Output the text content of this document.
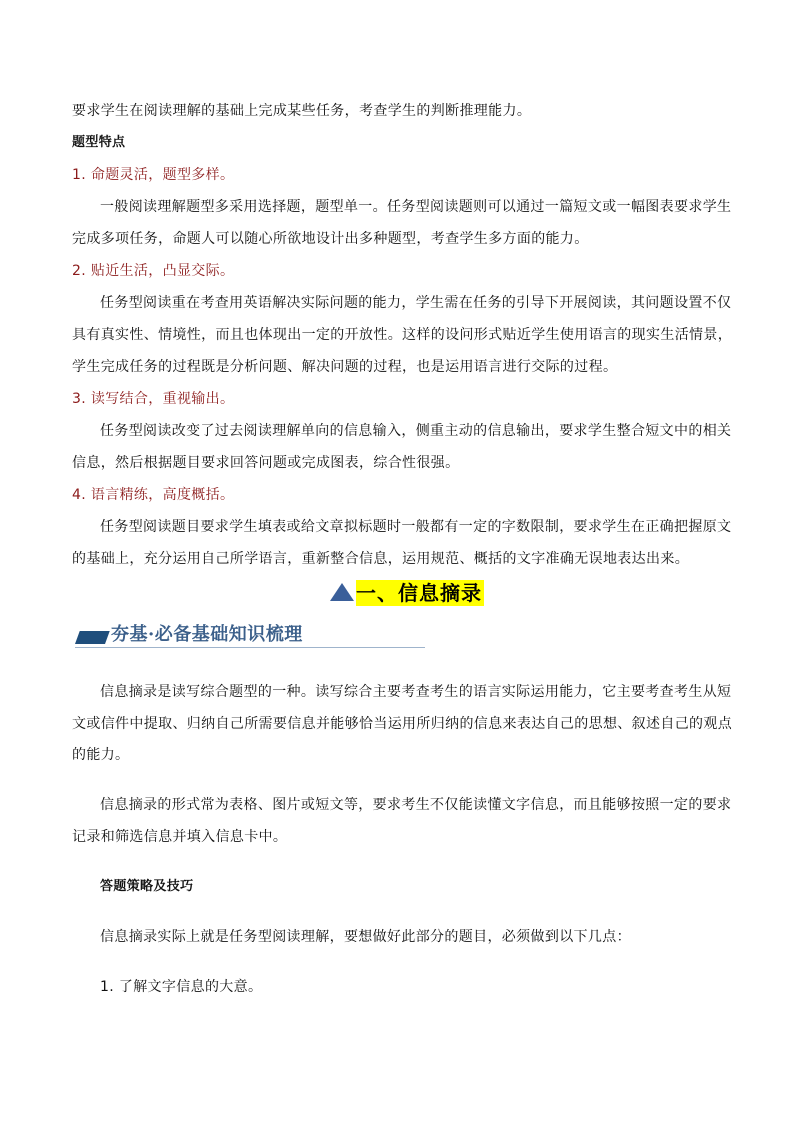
要求学生在阅读理解的基础上完成某些任务，考查学生的判断推理能力。
题型特点
1. 命题灵活，题型多样。
一般阅读理解题型多采用选择题，题型单一。任务型阅读题则可以通过一篇短文或一幅图表要求学生
完成多项任务，命题人可以随心所欲地设计出多种题型，考查学生多方面的能力。
2. 贴近生活，凸显交际。
任务型阅读重在考查用英语解决实际问题的能力，学生需在任务的引导下开展阅读，其问题设置不仅
具有真实性、情境性，而且也体现出一定的开放性。这样的设问形式贴近学生使用语言的现实生活情景，
学生完成任务的过程既是分析问题、解决问题的过程，也是运用语言进行交际的过程。
3. 读写结合，重视输出。
任务型阅读改变了过去阅读理解单向的信息输入，侧重主动的信息输出，要求学生整合短文中的相关
信息，然后根据题目要求回答问题或完成图表，综合性很强。
4. 语言精练，高度概括。
任务型阅读题目要求学生填表或给文章拟标题时一般都有一定的字数限制，要求学生在正确把握原文
的基础上，充分运用自己所学语言，重新整合信息，运用规范、概括的文字准确无误地表达出来。
一、信息摘录
夯基·必备基础知识梳理
信息摘录是读写综合题型的一种。读写综合主要考查考生的语言实际运用能力，它主要考查考生从短
文或信件中提取、归纳自己所需要信息并能够恰当运用所归纳的信息来表达自己的思想、叙述自己的观点
的能力。
信息摘录的形式常为表格、图片或短文等，要求考生不仅能读懂文字信息，而且能够按照一定的要求
记录和筛选信息并填入信息卡中。
答题策略及技巧
信息摘录实际上就是任务型阅读理解，要想做好此部分的题目，必须做到以下几点：
1. 了解文字信息的大意。
